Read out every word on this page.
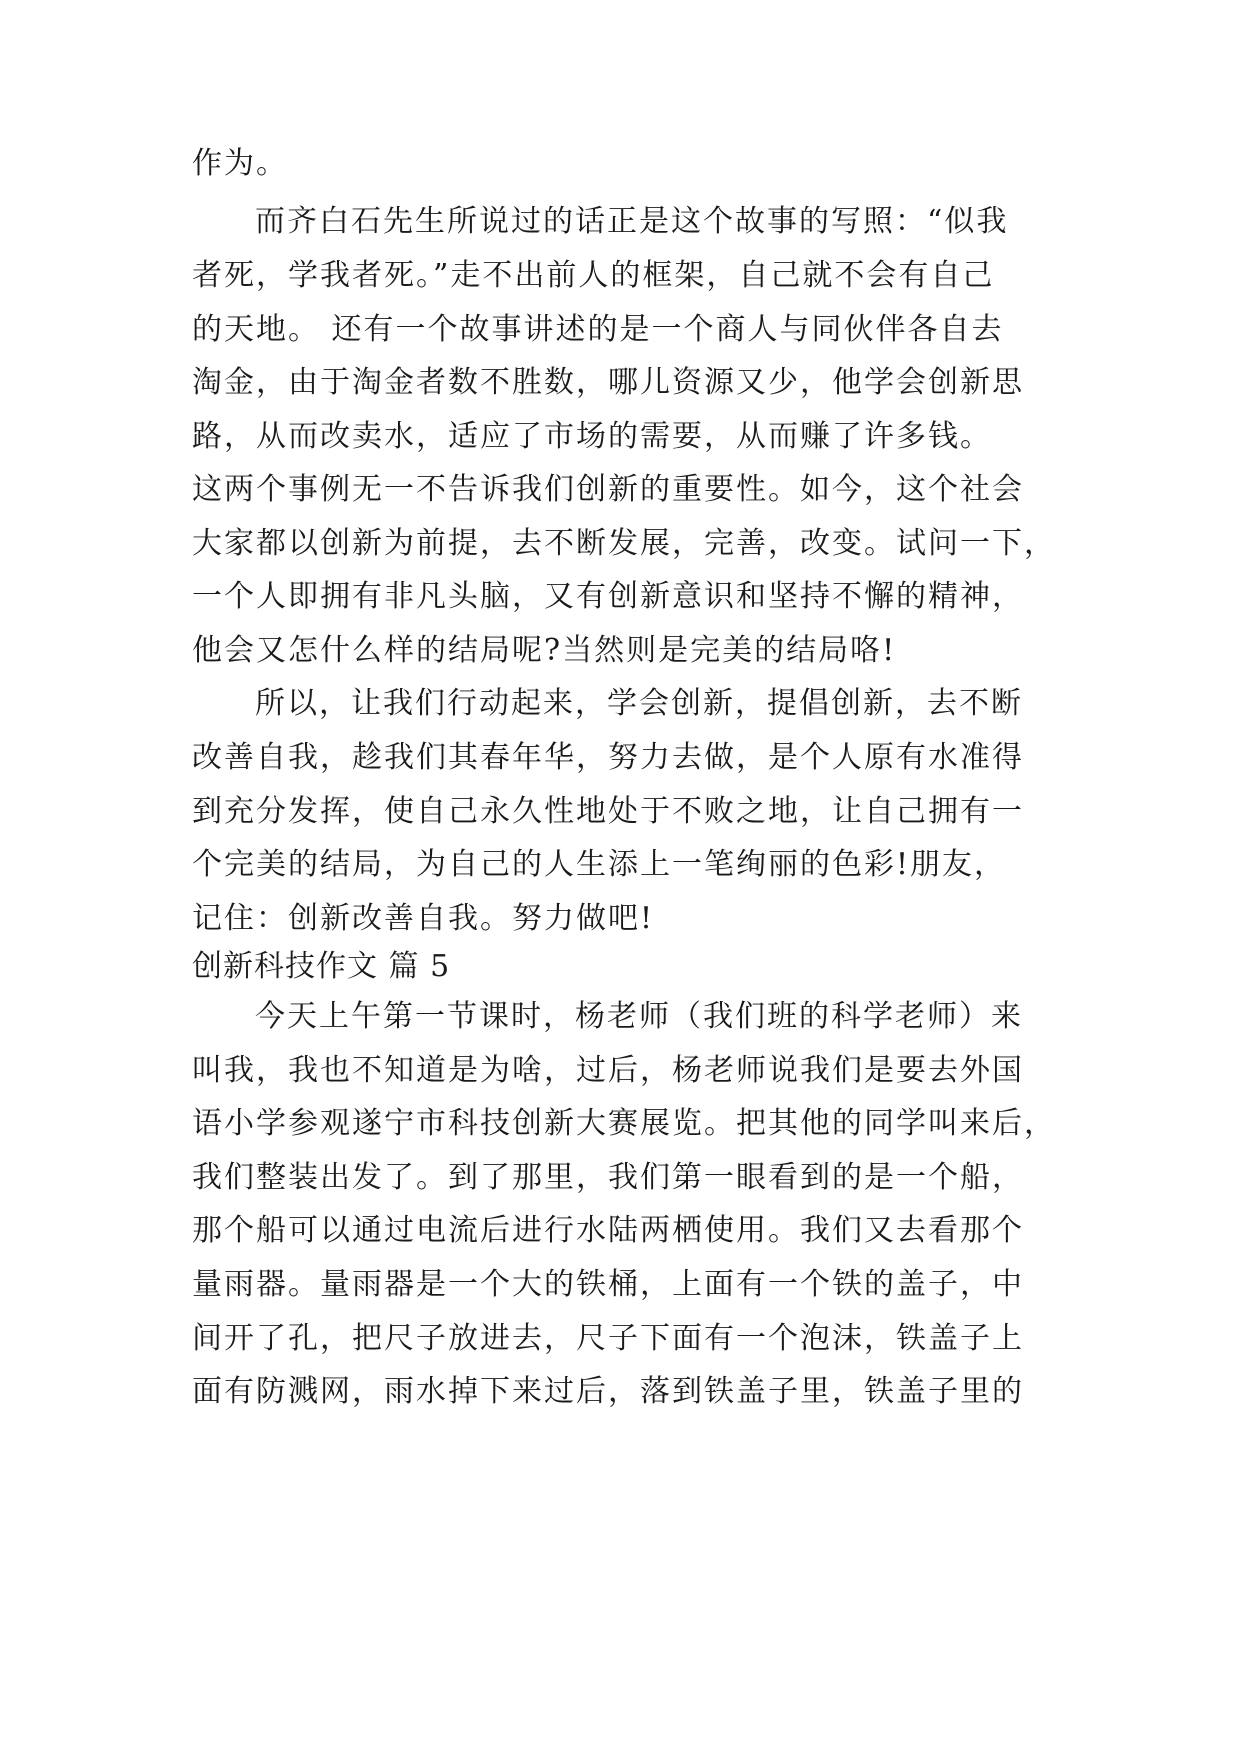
作为。
而齐白石先生所说过的话正是这个故事的写照：“似我
者死，学我者死。”走不出前人的框架，自己就不会有自己
的天地。 还有一个故事讲述的是一个商人与同伙伴各自去
淘金，由于淘金者数不胜数，哪儿资源又少，他学会创新思
路，从而改卖水，适应了市场的需要，从而赚了许多钱。
这两个事例无一不告诉我们创新的重要性。如今，这个社会
大家都以创新为前提，去不断发展，完善，改变。试问一下，
一个人即拥有非凡头脑，又有创新意识和坚持不懈的精神，
他会又怎什么样的结局呢?当然则是完美的结局咯!
所以，让我们行动起来，学会创新，提倡创新，去不断
改善自我，趁我们其春年华，努力去做，是个人原有水准得
到充分发挥，使自己永久性地处于不败之地，让自己拥有一
个完美的结局，为自己的人生添上一笔绚丽的色彩!朋友，
记住：创新改善自我。努力做吧!
创新科技作文 篇 5
今天上午第一节课时，杨老师（我们班的科学老师）来
叫我，我也不知道是为啥，过后，杨老师说我们是要去外国
语小学参观遂宁市科技创新大赛展览。把其他的同学叫来后，
我们整装出发了。到了那里，我们第一眼看到的是一个船，
那个船可以通过电流后进行水陆两栖使用。我们又去看那个
量雨器。量雨器是一个大的铁桶，上面有一个铁的盖子，中
间开了孔，把尺子放进去，尺子下面有一个泡沫，铁盖子上
面有防溅网，雨水掉下来过后，落到铁盖子里，铁盖子里的
